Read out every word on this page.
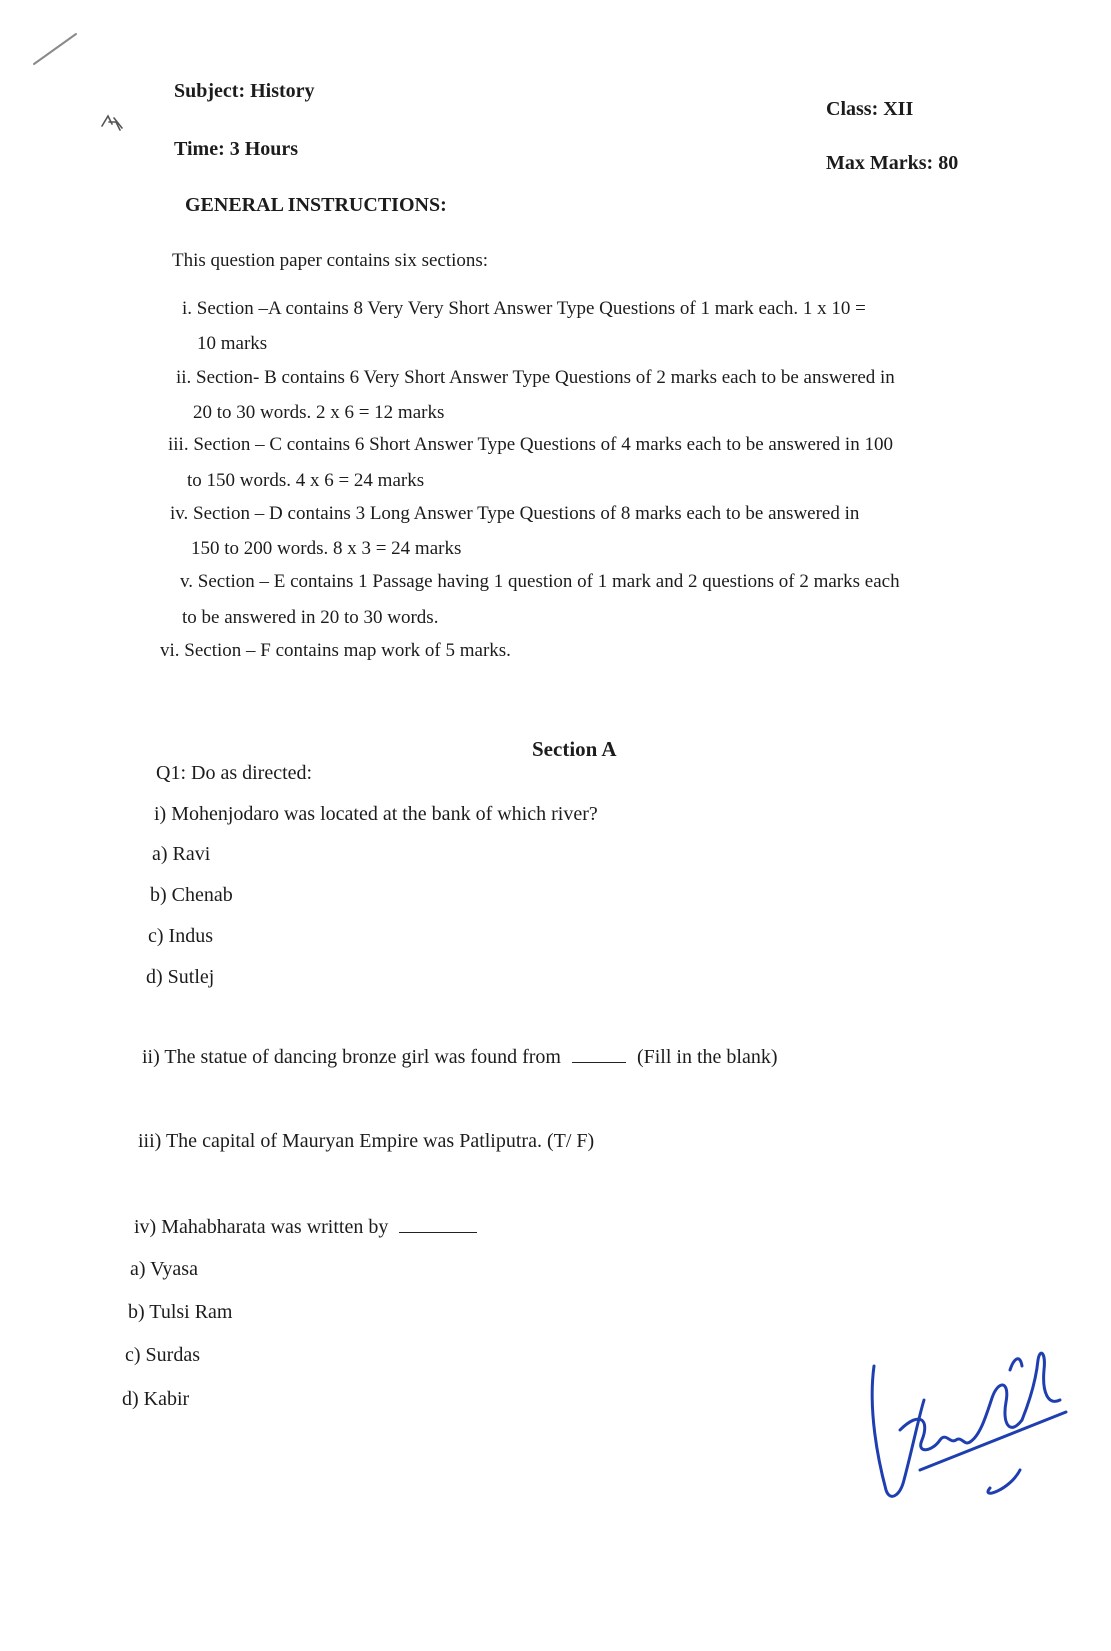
Subject: History
Class: XII
Time: 3 Hours
Max Marks: 80
GENERAL INSTRUCTIONS:
This question paper contains six sections:
i. Section –A contains 8 Very Very Short Answer Type Questions of 1 mark each. 1 x 10 =
10 marks
ii. Section- B contains 6 Very Short Answer Type Questions of 2 marks each to be answered in
20 to 30 words. 2 x 6 = 12 marks
iii. Section – C contains 6 Short Answer Type Questions of 4 marks each to be answered in 100
to 150 words. 4 x 6 = 24 marks
iv. Section – D contains 3 Long Answer Type Questions of 8 marks each to be answered in
150 to 200 words. 8 x 3 = 24 marks
v. Section – E contains 1 Passage having 1 question of 1 mark and 2 questions of 2 marks each
to be answered in 20 to 30 words.
vi. Section – F contains map work of 5 marks.
Section A
Q1: Do as directed:
i) Mohenjodaro was located at the bank of which river?
a) Ravi
b) Chenab
c) Indus
d) Sutlej
ii) The statue of dancing bronze girl was found from	(Fill in the blank)
iii) The capital of Mauryan Empire was Patliputra. (T/ F)
iv) Mahabharata was written by
a) Vyasa
b) Tulsi Ram
c) Surdas
d) Kabir
